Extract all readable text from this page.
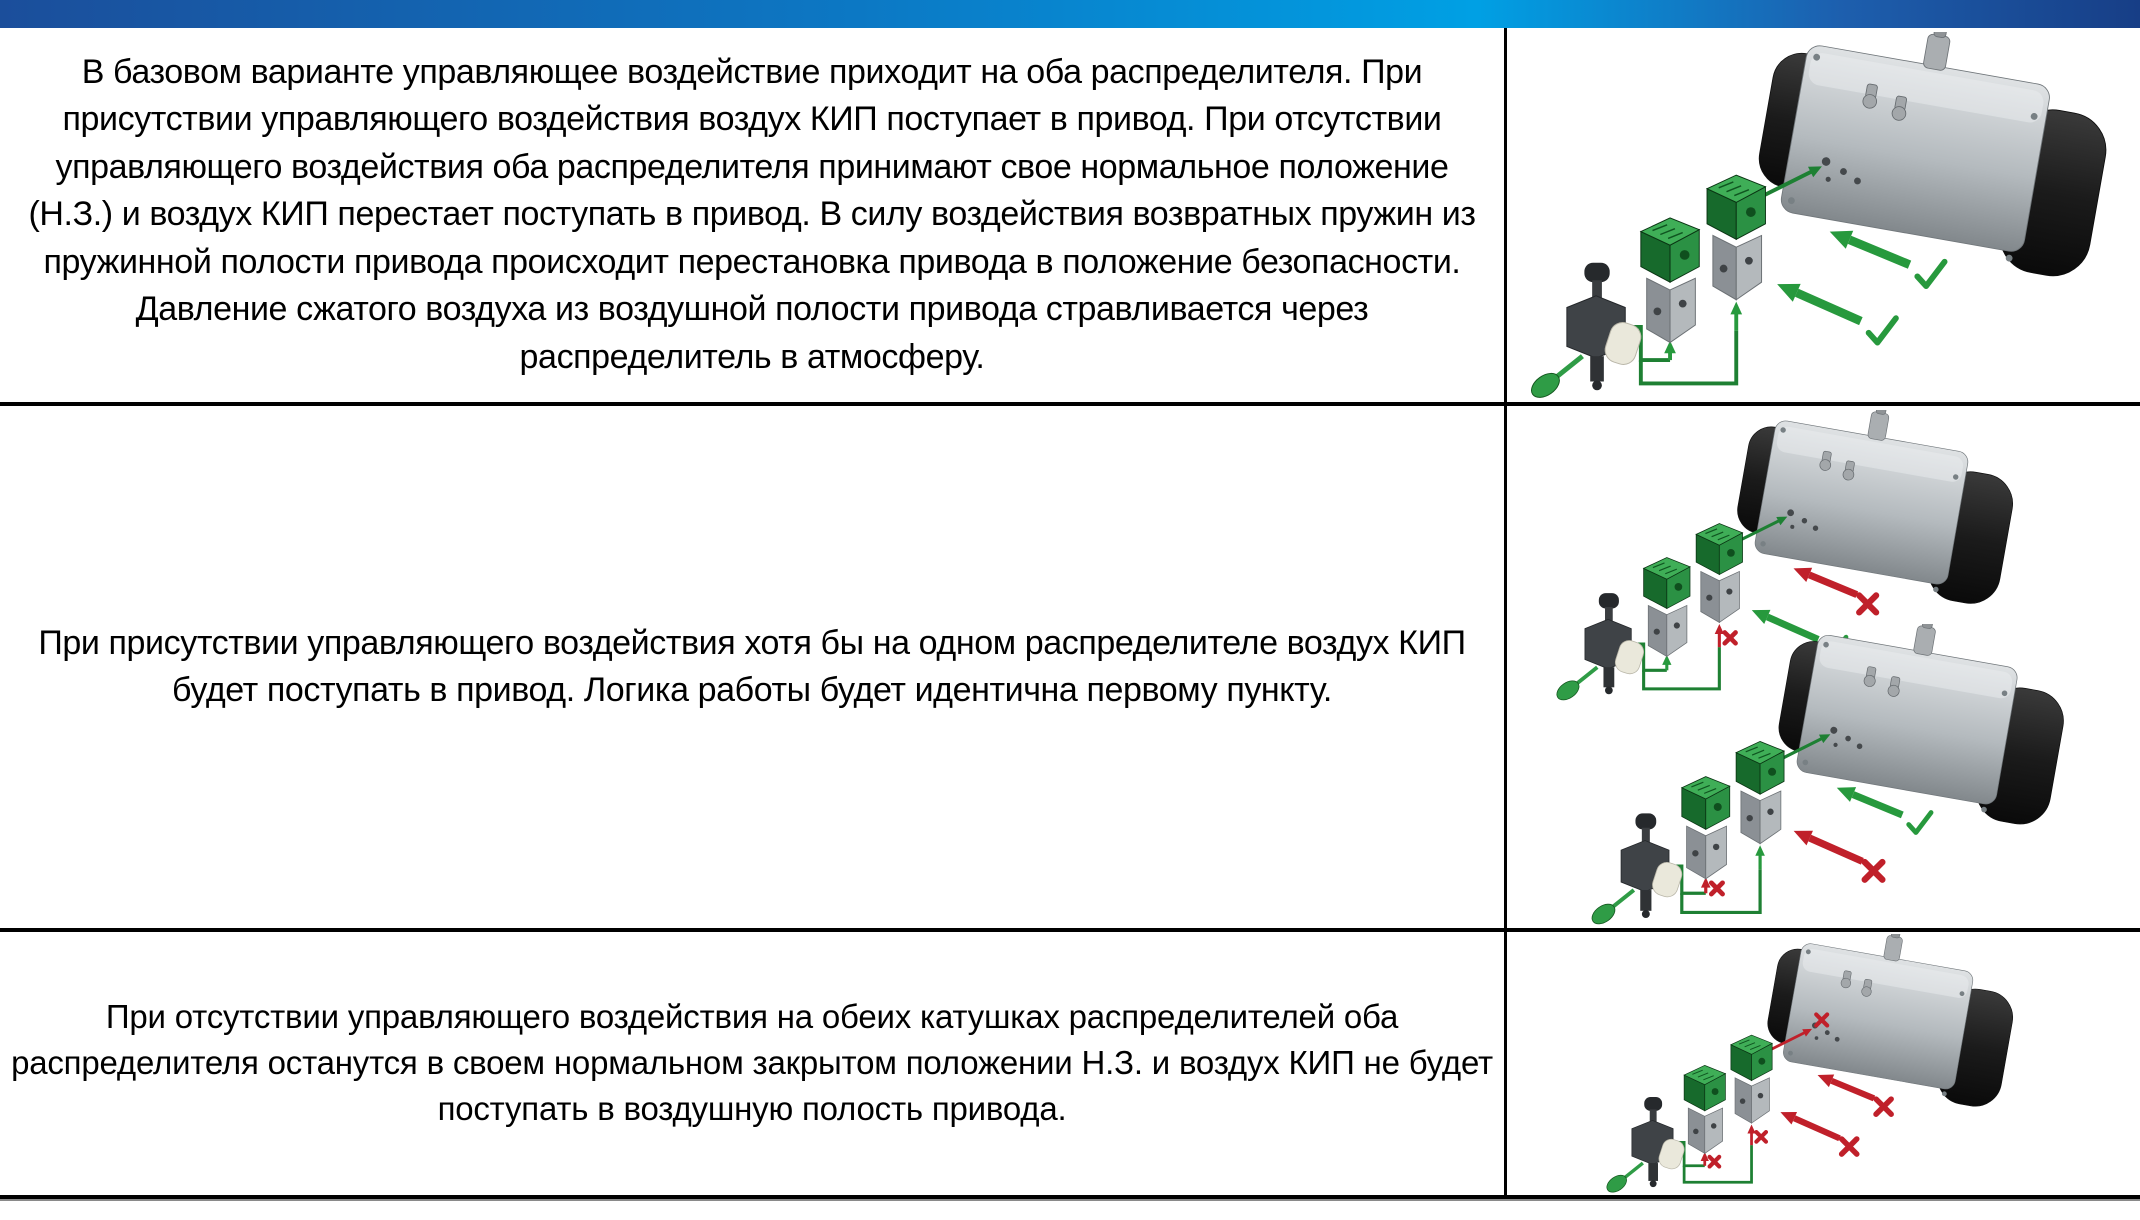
В базовом варианте управляющее воздействие приходит на оба распределителя. При присутствии управляющего воздействия воздух КИП поступает в привод. При отсутствии управляющего воздействия оба распределителя принимают свое нормальное положение (Н.З.) и воздух КИП перестает поступать в привод. В силу воздействия возвратных пружин из пружинной полости привода происходит перестановка привода в положение безопасности. Давление сжатого воздуха из воздушной полости привода стравливается через распределитель в атмосферу.

При присутствии управляющего воздействия хотя бы на одном распределителе воздух КИП будет поступать в привод. Логика работы будет идентична первому пункту.

При отсутствии управляющего воздействия на обеих катушках распределителей оба распределителя останутся в своем нормальном закрытом положении Н.З. и воздух КИП не будет поступать в воздушную полость привода.
